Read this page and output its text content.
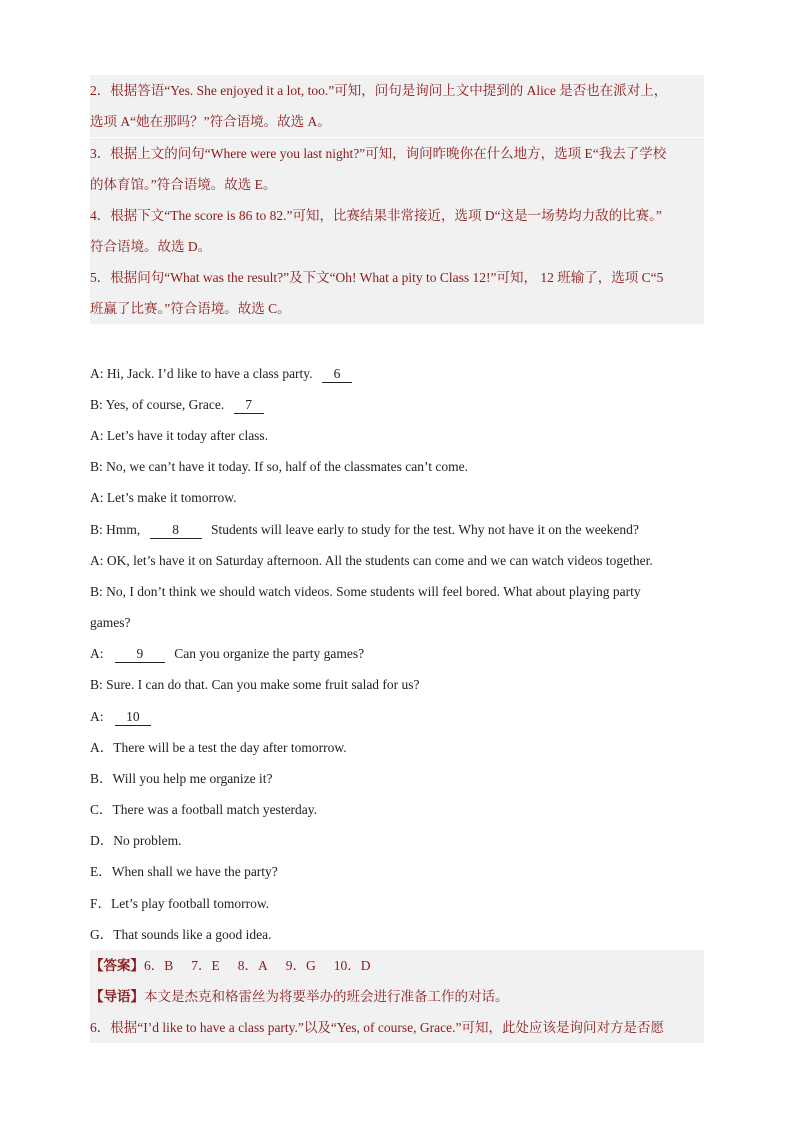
2．根据答语“Yes. She enjoyed it a lot, too.”可知，问句是询问上文中提到的 Alice 是否也在派对上，
选项 A“她在那吗？”符合语境。故选 A。
3．根据上文的问句“Where were you last night?”可知，询问昨晚你在什么地方，选项 E“我去了学校
的体育馆。”符合语境。故选 E。
4．根据下文“The score is 86 to 82.”可知，比赛结果非常接近，选项 D“这是一场势均力敌的比赛。”
符合语境。故选 D。
5．根据问句“What was the result?”及下文“Oh! What a pity to Class 12!”可知， 12 班输了，选项 C“5
班赢了比赛。”符合语境。故选 C。
A: Hi, Jack. I’d like to have a class party. 6
B: Yes, of course, Grace. 7
A: Let’s have it today after class.
B: No, we can’t have it today. If so, half of the classmates can’t come.
A: Let’s make it tomorrow.
B: Hmm, 8 Students will leave early to study for the test. Why not have it on the weekend?
A: OK, let’s have it on Saturday afternoon. All the students can come and we can watch videos together.
B: No, I don’t think we should watch videos. Some students will feel bored. What about playing party
games?
A: 9 Can you organize the party games?
B: Sure. I can do that. Can you make some fruit salad for us?
A: 10
A．There will be a test the day after tomorrow.
B．Will you help me organize it?
C．There was a football match yesterday.
D．No problem.
E．When shall we have the party?
F．Let’s play football tomorrow.
G．That sounds like a good idea.
【答案】6．B 7．E 8．A 9．G 10．D
【导语】本文是杰克和格雷丝为将要举办的班会进行准备工作的对话。
6．根据“I’d like to have a class party.”以及“Yes, of course, Grace.”可知，此处应该是询问对方是否愿
